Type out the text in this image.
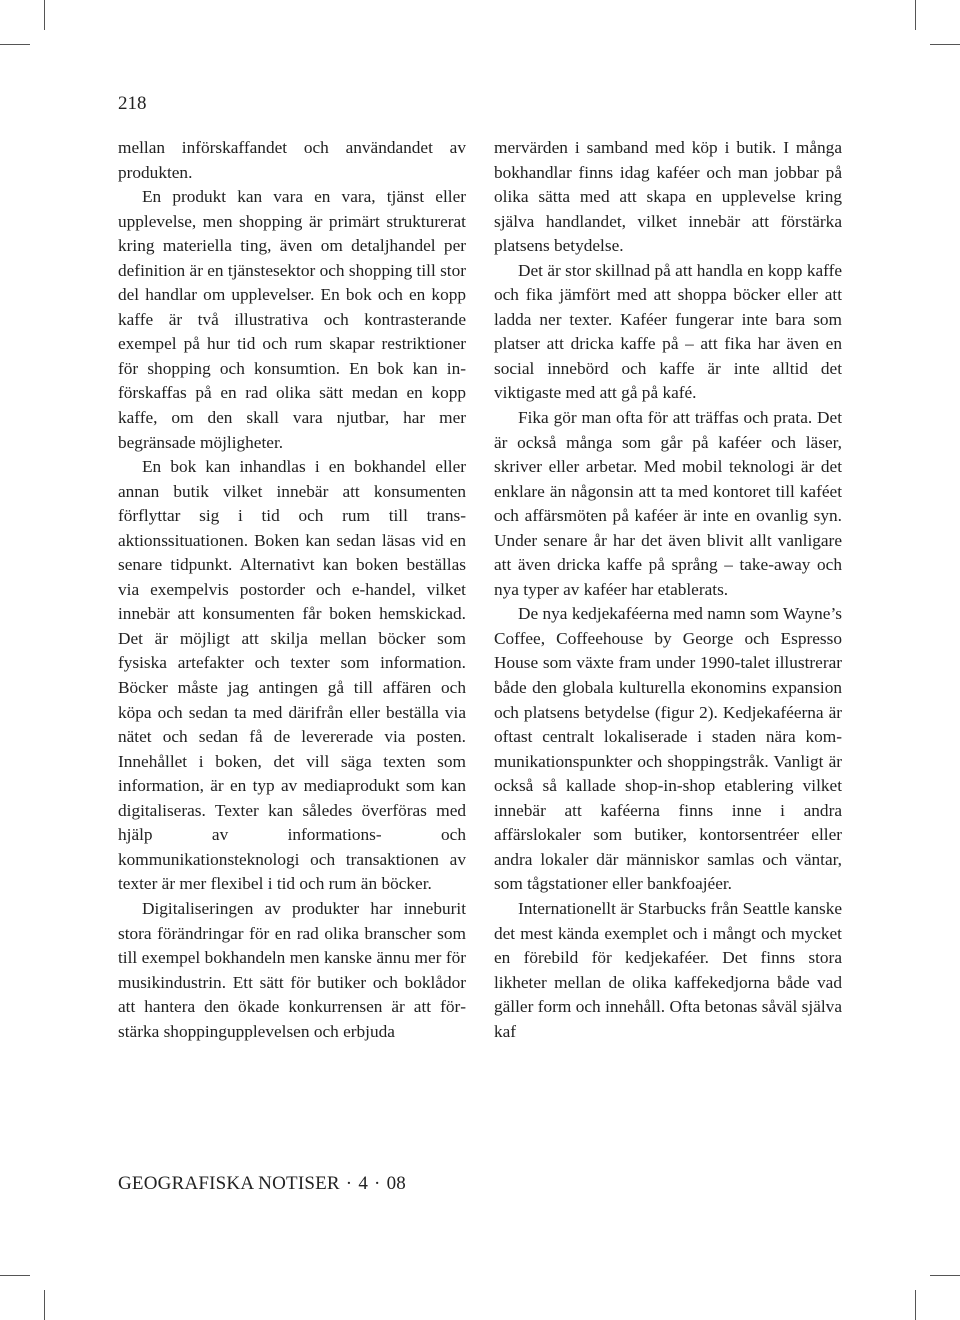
218

mellan införskaffandet och användandet av produkten.

En produkt kan vara en vara, tjänst eller upplevelse, men shopping är primärt strukturerat kring materiella ting, även om detaljhandel per definition är en tjänstesektor och shopping till stor del handlar om upplevelser. En bok och en kopp kaffe är två illustrativa och kontrasterande exempel på hur tid och rum skapar restriktioner för shopping och konsumtion. En bok kan införskaffas på en rad olika sätt medan en kopp kaffe, om den skall vara njutbar, har mer begränsade möjligheter.

En bok kan inhandlas i en bokhandel eller annan butik vilket innebär att konsumenten förflyttar sig i tid och rum till transaktionssituationen. Boken kan sedan läsas vid en senare tidpunkt. Alternativt kan boken beställas via exempelvis postorder och e-handel, vilket innebär att konsumenten får boken hemskickad. Det är möjligt att skilja mellan böcker som fysiska artefakter och texter som information. Böcker måste jag antingen gå till affären och köpa och sedan ta med därifrån eller beställa via nätet och sedan få de levererade via posten. Innehållet i boken, det vill säga texten som information, är en typ av mediaprodukt som kan digitaliseras. Texter kan således överföras med hjälp av informations- och kommunikationsteknologi och transaktionen av texter är mer flexibel i tid och rum än böcker.

Digitaliseringen av produkter har inneburit stora förändringar för en rad olika branscher som till exempel bokhandeln men kanske ännu mer för musikindustrin. Ett sätt för butiker och boklådor att hantera den ökade konkurrensen är att förstärka shoppingupplevelsen och erbjuda

mervärden i samband med köp i butik. I många bokhandlar finns idag kaféer och man jobbar på olika sätta med att skapa en upplevelse kring själva handlandet, vilket innebär att förstärka platsens betydelse.

Det är stor skillnad på att handla en kopp kaffe och fika jämfört med att shoppa böcker eller att ladda ner texter. Kaféer fungerar inte bara som platser att dricka kaffe på – att fika har även en social innebörd och kaffe är inte alltid det viktigaste med att gå på kafé.

Fika gör man ofta för att träffas och prata. Det är också många som går på kaféer och läser, skriver eller arbetar. Med mobil teknologi är det enklare än någonsin att ta med kontoret till kaféet och affärsmöten på kaféer är inte en ovanlig syn. Under senare år har det även blivit allt vanligare att även dricka kaffe på språng – take-away och nya typer av kaféer har etablerats.

De nya kedjekaféerna med namn som Wayne’s Coffee, Coffeehouse by George och Espresso House som växte fram under 1990-talet illustrerar både den globala kulturella ekonomins expansion och platsens betydelse (figur 2). Kedjekaféerna är oftast centralt lokaliserade i staden nära kommunikationspunkter och shoppingstråk. Vanligt är också så kallade shop-in-shop etablering vilket innebär att kaféerna finns inne i andra affärslokaler som butiker, kontorsentréer eller andra lokaler där människor samlas och väntar, som tågstationer eller bankfoajéer.

Internationellt är Starbucks från Seattle kanske det mest kända exemplet och i mångt och mycket en förebild för kedjekaféer. Det finns stora likheter mellan de olika kaffekedjorna både vad gäller form och innehåll. Ofta betonas såväl själva kaf

GEOGRAFISKA NOTISER · 4 · 08
